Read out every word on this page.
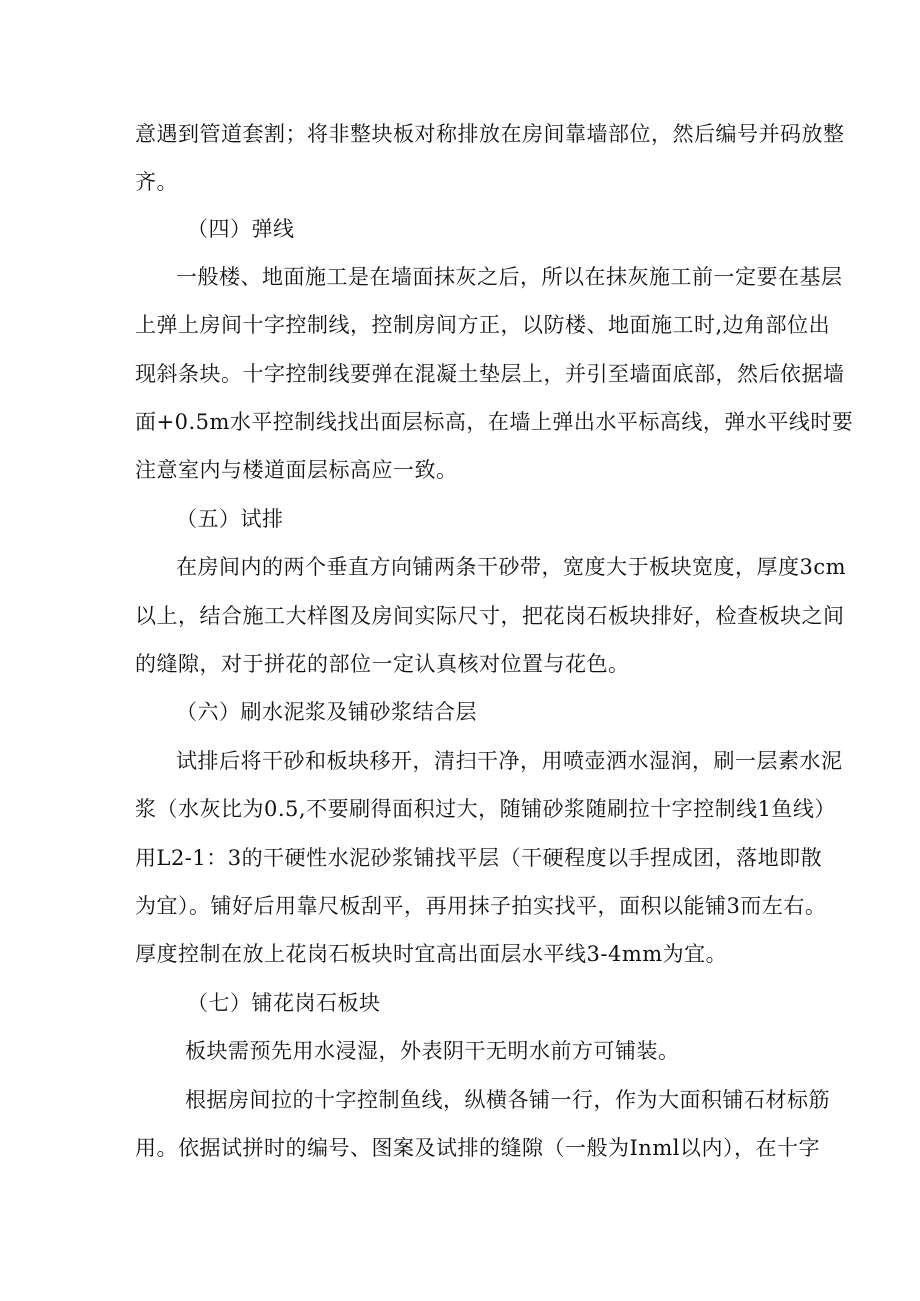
意遇到管道套割；将非整块板对称排放在房间靠墙部位，然后编号并码放整
齐。
（四）弹线
一般楼、地面施工是在墙面抹灰之后，所以在抹灰施工前一定要在基层
上弹上房间十字控制线，控制房间方正，以防楼、地面施工时,边角部位出
现斜条块。十字控制线要弹在混凝土垫层上，并引至墙面底部，然后依据墙
面+0.5m水平控制线找出面层标高，在墙上弹出水平标高线，弹水平线时要
注意室内与楼道面层标高应一致。
（五）试排
在房间内的两个垂直方向铺两条干砂带，宽度大于板块宽度，厚度3cm
以上，结合施工大样图及房间实际尺寸，把花岗石板块排好，检查板块之间
的缝隙，对于拼花的部位一定认真核对位置与花色。
（六）刷水泥浆及铺砂浆结合层
试排后将干砂和板块移开，清扫干净，用喷壶洒水湿润，刷一层素水泥
浆（水灰比为0.5,不要刷得面积过大，随铺砂浆随刷拉十字控制线1鱼线）
用L2-1：3的干硬性水泥砂浆铺找平层（干硬程度以手捏成团，落地即散
为宜）。铺好后用靠尺板刮平，再用抹子拍实找平，面积以能铺3而左右。
厚度控制在放上花岗石板块时宜高出面层水平线3-4mm为宜。
（七）铺花岗石板块
板块需预先用水浸湿，外表阴干无明水前方可铺装。
根据房间拉的十字控制鱼线，纵横各铺一行，作为大面积铺石材标筋
用。依据试拼时的编号、图案及试排的缝隙（一般为Inml以内），在十字
